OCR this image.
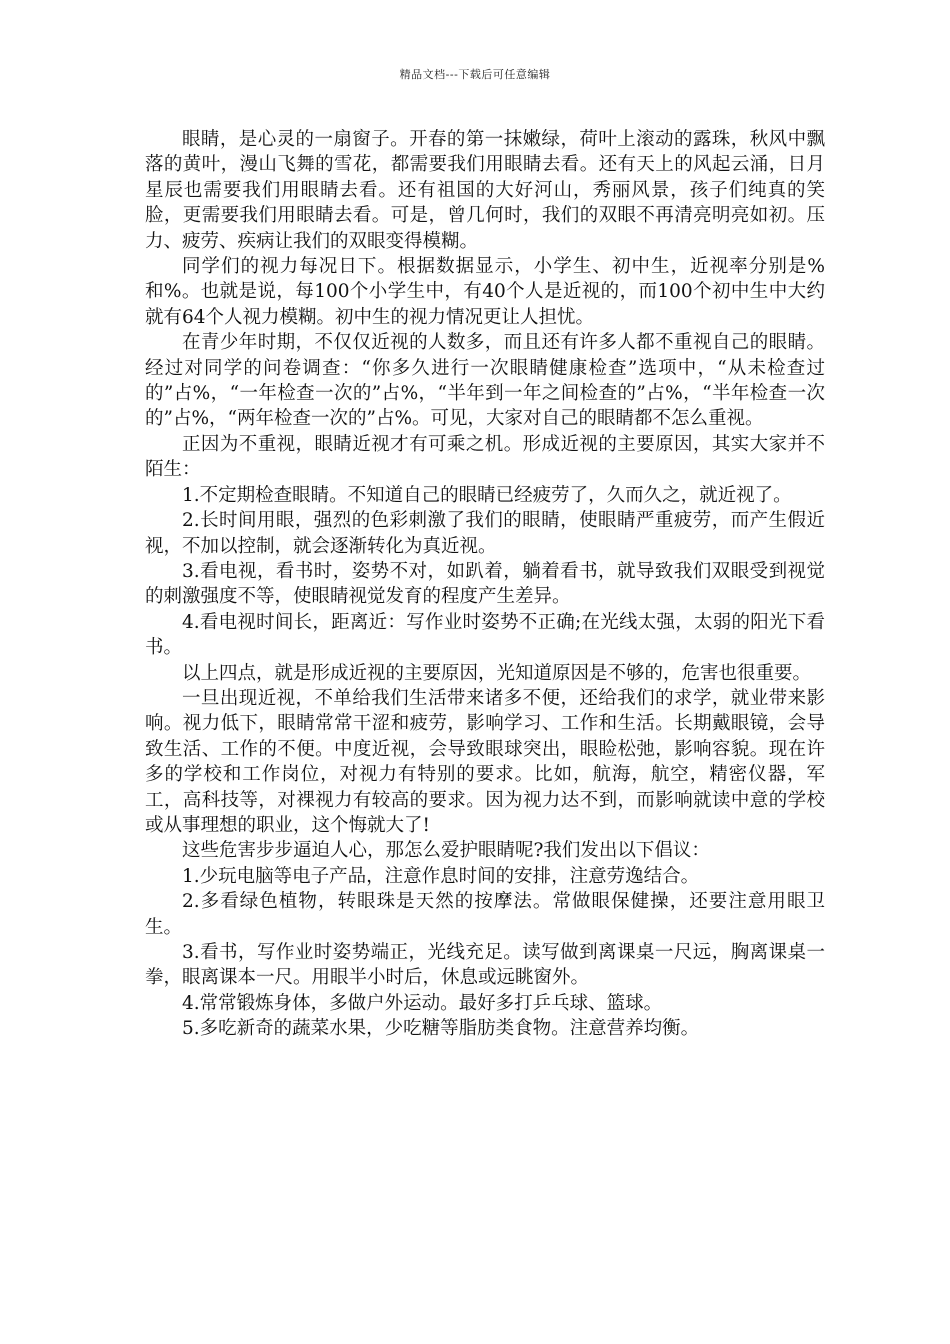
精品文档---下载后可任意编辑

眼睛，是心灵的一扇窗子。开春的第一抹嫩绿，荷叶上滚动的露珠，秋风中飘落的黄叶，漫山飞舞的雪花，都需要我们用眼睛去看。还有天上的风起云涌，日月星辰也需要我们用眼睛去看。还有祖国的大好河山，秀丽风景，孩子们纯真的笑脸，更需要我们用眼睛去看。可是，曾几何时，我们的双眼不再清亮明亮如初。压力、疲劳、疾病让我们的双眼变得模糊。

同学们的视力每况日下。根据数据显示，小学生、初中生，近视率分别是%和%。也就是说，每100个小学生中，有40个人是近视的，而100个初中生中大约就有64个人视力模糊。初中生的视力情况更让人担忧。

在青少年时期，不仅仅近视的人数多，而且还有许多人都不重视自己的眼睛。经过对同学的问卷调查：“你多久进行一次眼睛健康检查”选项中，“从未检查过的”占%，“一年检查一次的”占%，“半年到一年之间检查的”占%，“半年检查一次的”占%，“两年检查一次的”占%。可见，大家对自己的眼睛都不怎么重视。

正因为不重视，眼睛近视才有可乘之机。形成近视的主要原因，其实大家并不陌生：

1.不定期检查眼睛。不知道自己的眼睛已经疲劳了，久而久之，就近视了。

2.长时间用眼，强烈的色彩刺激了我们的眼睛，使眼睛严重疲劳，而产生假近视，不加以控制，就会逐渐转化为真近视。

3.看电视，看书时，姿势不对，如趴着，躺着看书，就导致我们双眼受到视觉的刺激强度不等，使眼睛视觉发育的程度产生差异。

4.看电视时间长，距离近：写作业时姿势不正确;在光线太强，太弱的阳光下看书。

以上四点，就是形成近视的主要原因，光知道原因是不够的，危害也很重要。

一旦出现近视，不单给我们生活带来诸多不便，还给我们的求学，就业带来影响。视力低下，眼睛常常干涩和疲劳，影响学习、工作和生活。长期戴眼镜，会导致生活、工作的不便。中度近视，会导致眼球突出，眼睑松弛，影响容貌。现在许多的学校和工作岗位，对视力有特别的要求。比如，航海，航空，精密仪器，军工，高科技等，对裸视力有较高的要求。因为视力达不到，而影响就读中意的学校或从事理想的职业，这个悔就大了!

这些危害步步逼迫人心，那怎么爱护眼睛呢?我们发出以下倡议：

1.少玩电脑等电子产品，注意作息时间的安排，注意劳逸结合。

2.多看绿色植物，转眼珠是天然的按摩法。常做眼保健操，还要注意用眼卫生。

3.看书，写作业时姿势端正，光线充足。读写做到离课桌一尺远，胸离课桌一拳，眼离课本一尺。用眼半小时后，休息或远眺窗外。

4.常常锻炼身体，多做户外运动。最好多打乒乓球、篮球。

5.多吃新奇的蔬菜水果，少吃糖等脂肪类食物。注意营养均衡。
